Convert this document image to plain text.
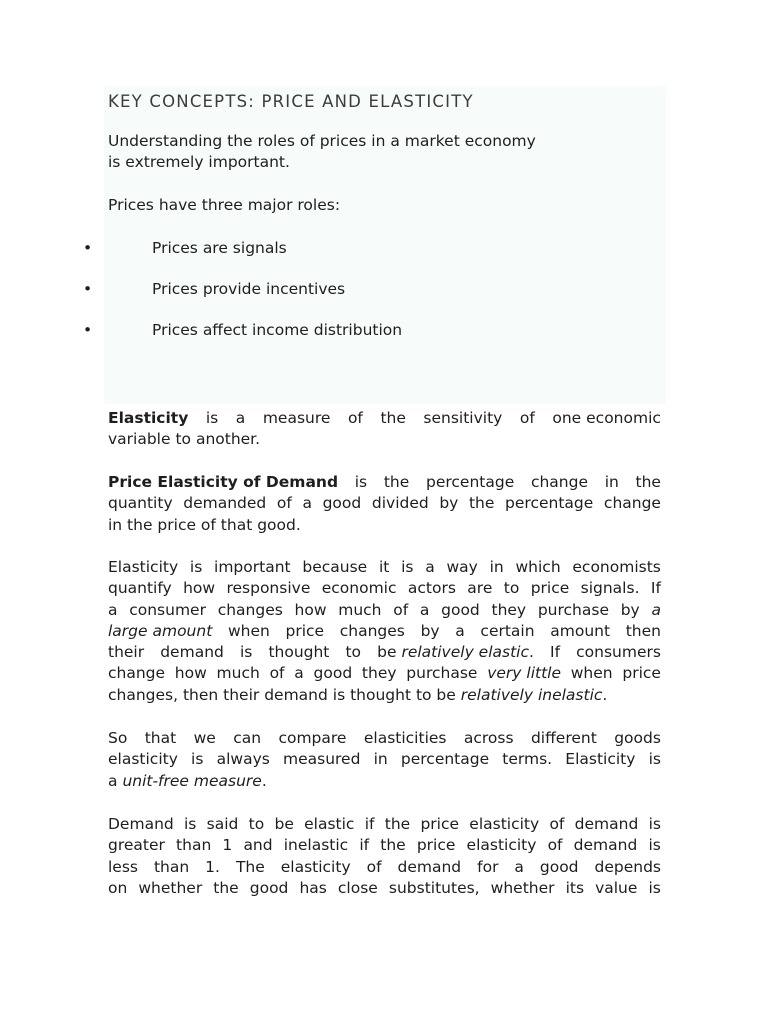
KEY CONCEPTS: PRICE AND ELASTICITY

Understanding the roles of prices in a market economy
is extremely important.

Prices have three major roles:

•	Prices are signals
•	Prices provide incentives
•	Prices affect income distribution
Elasticity is a measure of the sensitivity of one economic
variable to another.
Price Elasticity of Demand is the percentage change in the
quantity demanded of a good divided by the percentage change
in the price of that good.
Elasticity is important because it is a way in which economists
quantify how responsive economic actors are to price signals. If
a consumer changes how much of a good they purchase by a
large amount when price changes by a certain amount then
their demand is thought to be relatively elastic. If consumers
change how much of a good they purchase very little when price
changes, then their demand is thought to be relatively inelastic.
So that we can compare elasticities across different goods
elasticity is always measured in percentage terms. Elasticity is
a unit-free measure.
Demand is said to be elastic if the price elasticity of demand is
greater than 1 and inelastic if the price elasticity of demand is
less than 1. The elasticity of demand for a good depends
on whether the good has close substitutes, whether its value is
